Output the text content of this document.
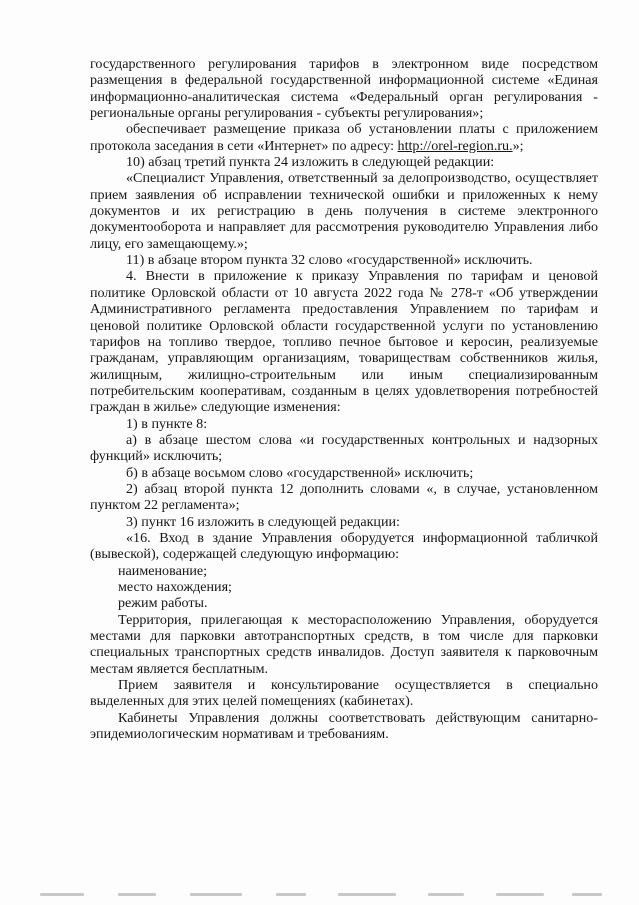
государственного регулирования тарифов в электронном виде посредством размещения в федеральной государственной информационной системе «Единая информационно-аналитическая система «Федеральный орган регулирования - региональные органы регулирования - субъекты регулирования»;

обеспечивает размещение приказа об установлении платы с приложением протокола заседания в сети «Интернет» по адресу: http://orel-region.ru.»;

10) абзац третий пункта 24 изложить в следующей редакции:

«Специалист Управления, ответственный за делопроизводство, осуществляет прием заявления об исправлении технической ошибки и приложенных к нему документов и их регистрацию в день получения в системе электронного документооборота и направляет для рассмотрения руководителю Управления либо лицу, его замещающему.»;

11) в абзаце втором пункта 32 слово «государственной» исключить.

4. Внести в приложение к приказу Управления по тарифам и ценовой политике Орловской области от 10 августа 2022 года № 278-т «Об утверждении Административного регламента предоставления Управлением по тарифам и ценовой политике Орловской области государственной услуги по установлению тарифов на топливо твердое, топливо печное бытовое и керосин, реализуемые гражданам, управляющим организациям, товариществам собственников жилья, жилищным, жилищно-строительным или иным специализированным потребительским кооперативам, созданным в целях удовлетворения потребностей граждан в жилье» следующие изменения:

1) в пункте 8:

а) в абзаце шестом слова «и государственных контрольных и надзорных функций» исключить;

б) в абзаце восьмом слово «государственной» исключить;

2) абзац второй пункта 12 дополнить словами «, в случае, установленном пунктом 22 регламента»;

3) пункт 16 изложить в следующей редакции:

«16. Вход в здание Управления оборудуется информационной табличкой (вывеской), содержащей следующую информацию:

наименование;

место нахождения;

режим работы.

Территория, прилегающая к месторасположению Управления, оборудуется местами для парковки автотранспортных средств, в том числе для парковки специальных транспортных средств инвалидов. Доступ заявителя к парковочным местам является бесплатным.

Прием заявителя и консультирование осуществляется в специально выделенных для этих целей помещениях (кабинетах).

Кабинеты Управления должны соответствовать действующим санитарно-эпидемиологическим нормативам и требованиям.
